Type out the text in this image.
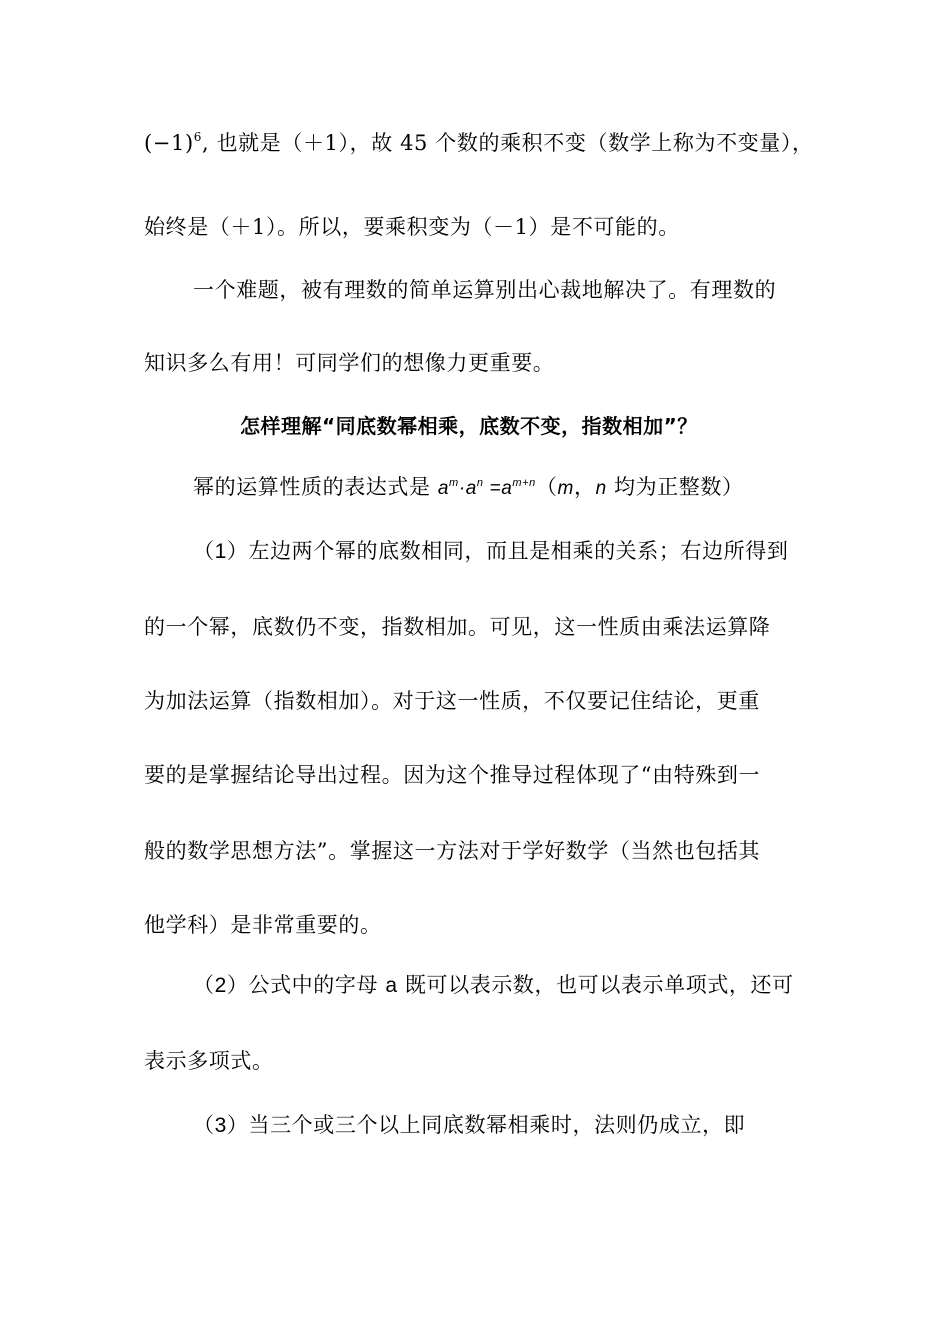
$(-1)^6$, 也就是（＋1），故 45 个数的乘积不变（数学上称为不变量），
始终是（＋1）。所以，要乘积变为（－1）是不可能的。
一个难题，被有理数的简单运算别出心裁地解决了。有理数的
知识多么有用！可同学们的想像力更重要。
怎样理解“同底数幂相乘，底数不变，指数相加”？
幂的运算性质的表达式是 $a^m\cdot a^n =a^{m+n}(m$，n 均为正整数）
（1）左边两个幂的底数相同，而且是相乘的关系；右边所得到
的一个幂，底数仍不变，指数相加。可见，这一性质由乘法运算降
为加法运算（指数相加）。对于这一性质，不仅要记住结论，更重
要的是掌握结论导出过程。因为这个推导过程体现了“由特殊到一
般的数学思想方法”。掌握这一方法对于学好数学（当然也包括其
他学科）是非常重要的。
（2）公式中的字母 a 既可以表示数，也可以表示单项式，还可
表示多项式。
（3）当三个或三个以上同底数幂相乘时，法则仍成立，即
